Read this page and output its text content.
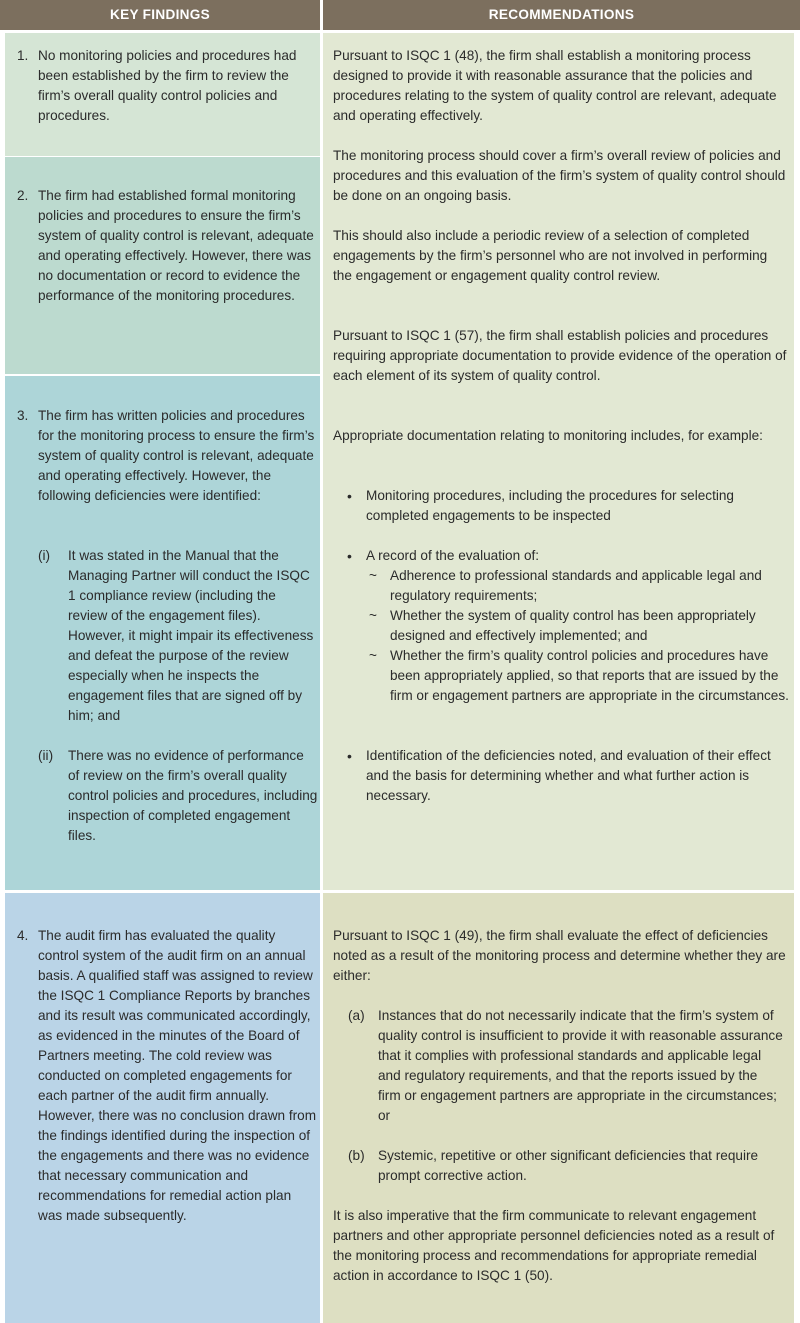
KEY FINDINGS	RECOMMENDATIONS
1. No monitoring policies and procedures had been established by the firm to review the firm’s overall quality control policies and procedures.

2. The firm had established formal monitoring policies and procedures to ensure the firm’s system of quality control is relevant, adequate and operating effectively. However, there was no documentation or record to evidence the performance of the monitoring procedures.

3. The firm has written policies and procedures for the monitoring process to ensure the firm’s system of quality control is relevant, adequate and operating effectively. However, the following deficiencies were identified:

(i) It was stated in the Manual that the Managing Partner will conduct the ISQC 1 compliance review (including the review of the engagement files). However, it might impair its effectiveness and defeat the purpose of the review especially when he inspects the engagement files that are signed off by him; and

(ii) There was no evidence of performance of review on the firm’s overall quality control policies and procedures, including inspection of completed engagement files.

4. The audit firm has evaluated the quality control system of the audit firm on an annual basis. A qualified staff was assigned to review the ISQC 1 Compliance Reports by branches and its result was communicated accordingly, as evidenced in the minutes of the Board of Partners meeting. The cold review was conducted on completed engagements for each partner of the audit firm annually. However, there was no conclusion drawn from the findings identified during the inspection of the engagements and there was no evidence that necessary communication and recommendations for remedial action plan was made subsequently.

Pursuant to ISQC 1 (48), the firm shall establish a monitoring process designed to provide it with reasonable assurance that the policies and procedures relating to the system of quality control are relevant, adequate and operating effectively.

The monitoring process should cover a firm’s overall review of policies and procedures and this evaluation of the firm’s system of quality control should be done on an ongoing basis.

This should also include a periodic review of a selection of completed engagements by the firm’s personnel who are not involved in performing the engagement or engagement quality control review.

Pursuant to ISQC 1 (57), the firm shall establish policies and procedures requiring appropriate documentation to provide evidence of the operation of each element of its system of quality control.

Appropriate documentation relating to monitoring includes, for example:

• Monitoring procedures, including the procedures for selecting completed engagements to be inspected

• A record of the evaluation of:

~ Adherence to professional standards and applicable legal and regulatory requirements;

~ Whether the system of quality control has been appropriately designed and effectively implemented; and

~ Whether the firm’s quality control policies and procedures have been appropriately applied, so that reports that are issued by the firm or engagement partners are appropriate in the circumstances.

• Identification of the deficiencies noted, and evaluation of their effect and the basis for determining whether and what further action is necessary.

Pursuant to ISQC 1 (49), the firm shall evaluate the effect of deficiencies noted as a result of the monitoring process and determine whether they are either:

(a) Instances that do not necessarily indicate that the firm’s system of quality control is insufficient to provide it with reasonable assurance that it complies with professional standards and applicable legal and regulatory requirements, and that the reports issued by the firm or engagement partners are appropriate in the circumstances; or

(b) Systemic, repetitive or other significant deficiencies that require prompt corrective action.

It is also imperative that the firm communicate to relevant engagement partners and other appropriate personnel deficiencies noted as a result of the monitoring process and recommendations for appropriate remedial action in accordance to ISQC 1 (50).
